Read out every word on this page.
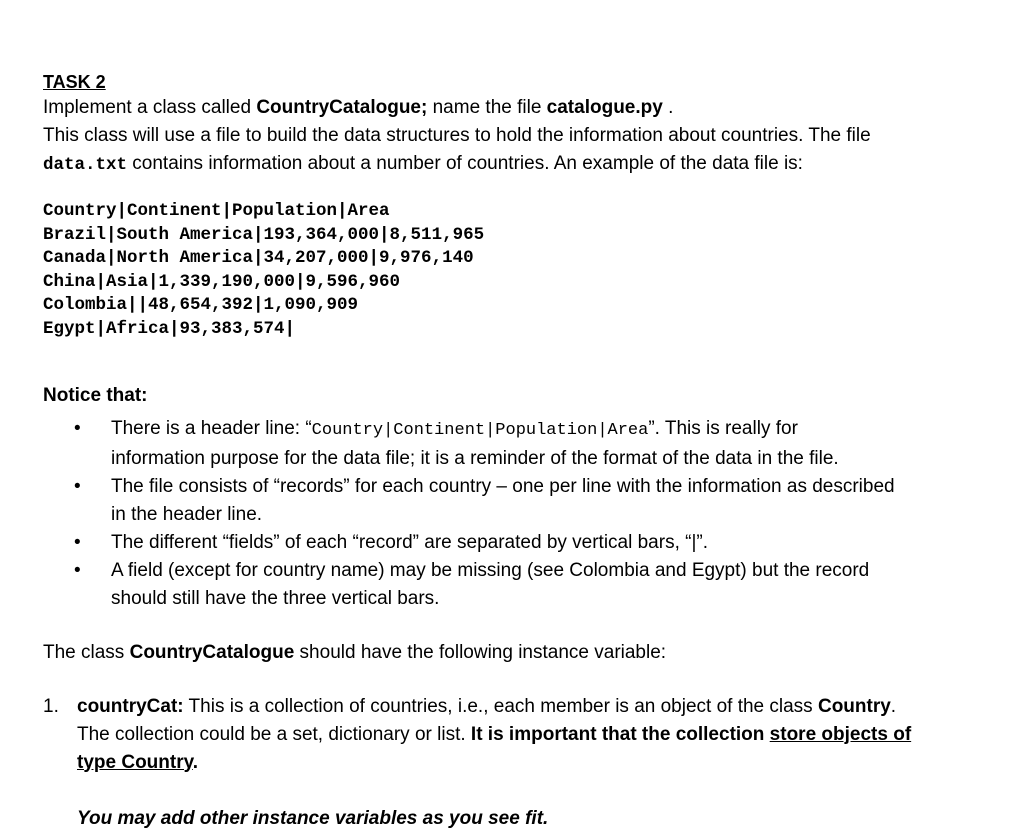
TASK 2
Implement a class called CountryCatalogue; name the file catalogue.py .
This class will use a file to build the data structures to hold the information about countries. The file
data.txt contains information about a number of countries. An example of the data file is:
Country|Continent|Population|Area
Brazil|South America|193,364,000|8,511,965
Canada|North America|34,207,000|9,976,140
China|Asia|1,339,190,000|9,596,960
Colombia||48,654,392|1,090,909
Egypt|Africa|93,383,574|
Notice that:
• There is a header line: “Country|Continent|Population|Area”. This is really for
information purpose for the data file; it is a reminder of the format of the data in the file.
• The file consists of “records” for each country – one per line with the information as described
in the header line.
• The different “fields” of each “record” are separated by vertical bars, “|”.
• A field (except for country name) may be missing (see Colombia and Egypt) but the record
should still have the three vertical bars.
The class CountryCatalogue should have the following instance variable:
1. countryCat: This is a collection of countries, i.e., each member is an object of the class Country.
The collection could be a set, dictionary or list. It is important that the collection store objects of
type Country.
You may add other instance variables as you see fit.
